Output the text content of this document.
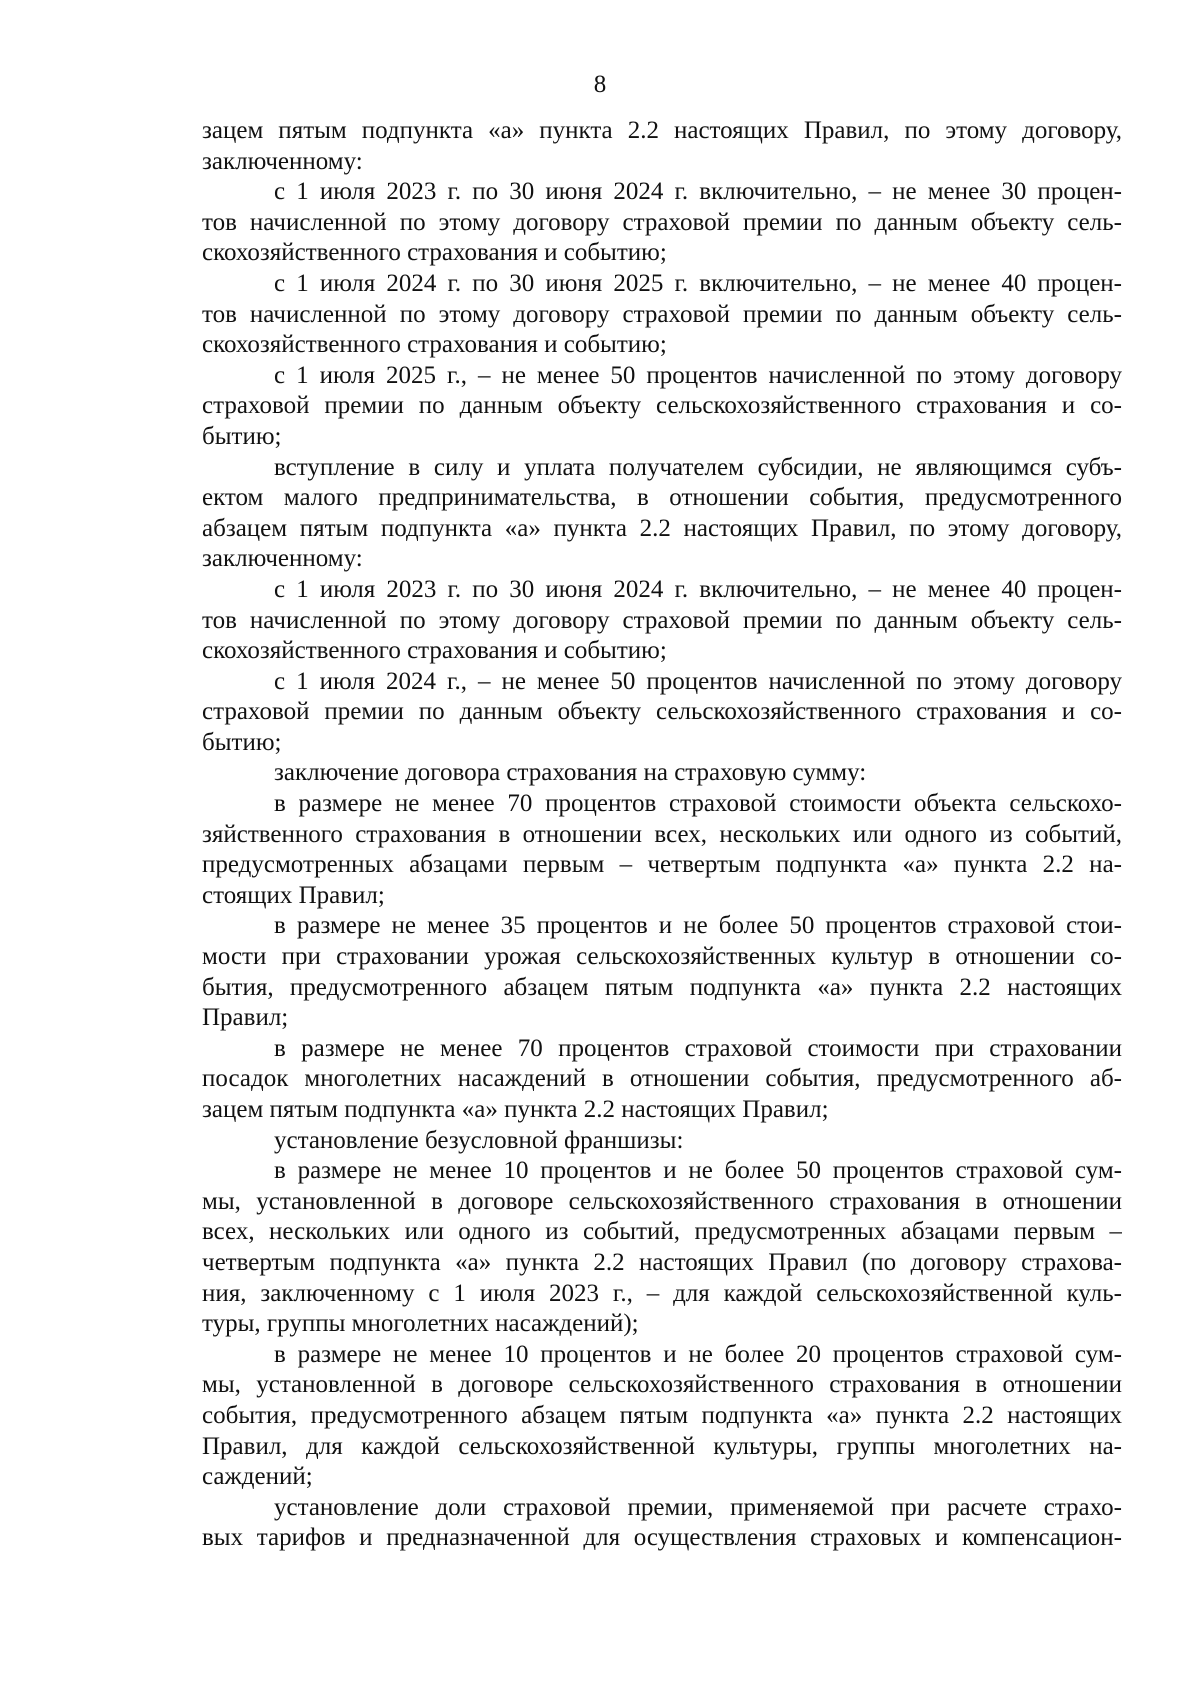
8
зацем пятым подпункта «а» пункта 2.2 настоящих Правил, по этому договору,
заключенному:
с 1 июля 2023 г. по 30 июня 2024 г. включительно, – не менее 30 процен-
тов начисленной по этому договору страховой премии по данным объекту сель-
скохозяйственного страхования и событию;
с 1 июля 2024 г. по 30 июня 2025 г. включительно, – не менее 40 процен-
тов начисленной по этому договору страховой премии по данным объекту сель-
скохозяйственного страхования и событию;
с 1 июля 2025 г., – не менее 50 процентов начисленной по этому договору
страховой премии по данным объекту сельскохозяйственного страхования и со-
бытию;
вступление в силу и уплата получателем субсидии, не являющимся субъ-
ектом малого предпринимательства, в отношении события, предусмотренного
абзацем пятым подпункта «а» пункта 2.2 настоящих Правил, по этому договору,
заключенному:
с 1 июля 2023 г. по 30 июня 2024 г. включительно, – не менее 40 процен-
тов начисленной по этому договору страховой премии по данным объекту сель-
скохозяйственного страхования и событию;
с 1 июля 2024 г., – не менее 50 процентов начисленной по этому договору
страховой премии по данным объекту сельскохозяйственного страхования и со-
бытию;
заключение договора страхования на страховую сумму:
в размере не менее 70 процентов страховой стоимости объекта сельскохо-
зяйственного страхования в отношении всех, нескольких или одного из событий,
предусмотренных абзацами первым – четвертым подпункта «а» пункта 2.2 на-
стоящих Правил;
в размере не менее 35 процентов и не более 50 процентов страховой стои-
мости при страховании урожая сельскохозяйственных культур в отношении со-
бытия, предусмотренного абзацем пятым подпункта «а» пункта 2.2 настоящих
Правил;
в размере не менее 70 процентов страховой стоимости при страховании
посадок многолетних насаждений в отношении события, предусмотренного аб-
зацем пятым подпункта «а» пункта 2.2 настоящих Правил;
установление безусловной франшизы:
в размере не менее 10 процентов и не более 50 процентов страховой сум-
мы, установленной в договоре сельскохозяйственного страхования в отношении
всех, нескольких или одного из событий, предусмотренных абзацами первым –
четвертым подпункта «а» пункта 2.2 настоящих Правил (по договору страхова-
ния, заключенному с 1 июля 2023 г., – для каждой сельскохозяйственной куль-
туры, группы многолетних насаждений);
в размере не менее 10 процентов и не более 20 процентов страховой сум-
мы, установленной в договоре сельскохозяйственного страхования в отношении
события, предусмотренного абзацем пятым подпункта «а» пункта 2.2 настоящих
Правил, для каждой сельскохозяйственной культуры, группы многолетних на-
саждений;
установление доли страховой премии, применяемой при расчете страхо-
вых тарифов и предназначенной для осуществления страховых и компенсацион-
